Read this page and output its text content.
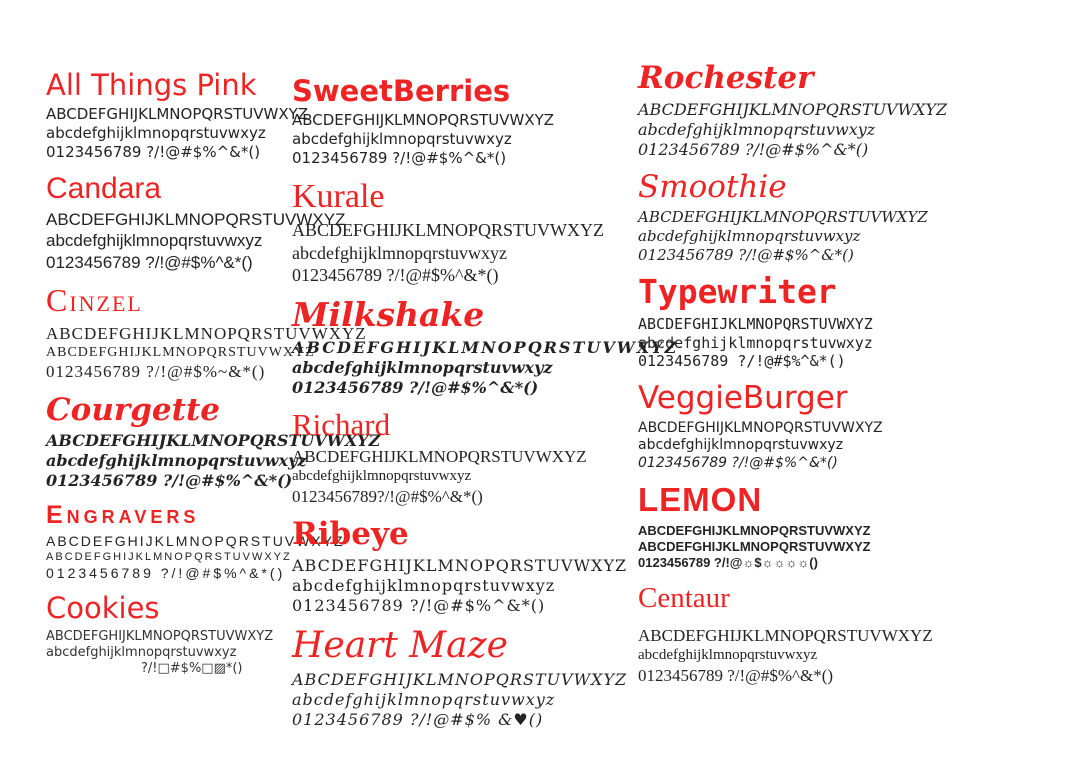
All Things Pink
ABCDEFGHIJKLMNOPQRSTUVWXYZ
abcdefghijklmnopqrstuvwxyz
0123456789 ?/!@#$%^&*()
Candara
ABCDEFGHIJKLMNOPQRSTUVWXYZ
abcdefghijklmnopqrstuvwxyz
0123456789 ?/!@#$%^&*()
Cinzel
ABCDEFGHIJKLMNOPQRSTUVWXYZ
ABCDEFGHIJKLMNOPQRSTUVWXYZ
0123456789 ?/!@#$%~&*()
Courgette
ABCDEFGHIJKLMNOPQRSTUVWXYZ
abcdefghijklmnopqrstuvwxyz
0123456789 ?/!@#$%^&*()
Engravers
ABCDEFGHIJKLMNOPQRSTUVWXYZ
ABCDEFGHIJKLMNOPQRSTUVWXYZ
0123456789 ?/!@#$%^&*()
Cookies
ABCDEFGHIJKLMNOPQRSTUVWXYZ
abcdefghijklmnopqrstuvwxyz
?/!□#$%□▨*()
SweetBerries
ABCDEFGHIJKLMNOPQRSTUVWXYZ
abcdefghijklmnopqrstuvwxyz
0123456789 ?/!@#$%^&*()
Kurale
ABCDEFGHIJKLMNOPQRSTUVWXYZ
abcdefghijklmnopqrstuvwxyz
0123456789 ?/!@#$%^&*()
Milkshake
ABCDEFGHIJKLMNOPQRSTUVWXYZ
abcdefghijklmnopqrstuvwxyz
0123456789 ?/!@#$%^&*()
Richard
ABCDEFGHIJKLMNOPQRSTUVWXYZ
abcdefghijklmnopqrstuvwxyz
0123456789?/!@#$%^&*()
Ribeye
ABCDEFGHIJKLMNOPQRSTUVWXYZ
abcdefghijklmnopqrstuvwxyz
0123456789 ?/!@#$%^&*()
Heart Maze
ABCDEFGHIJKLMNOPQRSTUVWXYZ
abcdefghijklmnopqrstuvwxyz
0123456789 ?/!@#$% &♥()
Rochester
ABCDEFGHIJKLMNOPQRSTUVWXYZ
abcdefghijklmnopqrstuvwxyz
0123456789 ?/!@#$%^&*()
Smoothie
ABCDEFGHIJKLMNOPQRSTUVWXYZ
abcdefghijklmnopqrstuvwxyz
0123456789 ?/!@#$%^&*()
Typewriter
ABCDEFGHIJKLMNOPQRSTUVWXYZ
abcdefghijklmnopqrstuvwxyz
0123456789 ?/!@#$%^&*()
VeggieBurger
ABCDEFGHIJKLMNOPQRSTUVWXYZ
abcdefghijklmnopqrstuvwxyz
0123456789 ?/!@#$%^&*()
LEMON
ABCDEFGHIJKLMNOPQRSTUVWXYZ
ABCDEFGHIJKLMNOPQRSTUVWXYZ
0123456789 ?/!@☼$☼☼☼☼()
Centaur
ABCDEFGHIJKLMNOPQRSTUVWXYZ
abcdefghijklmnopqrstuvwxyz
0123456789 ?/!@#$%^&*()
